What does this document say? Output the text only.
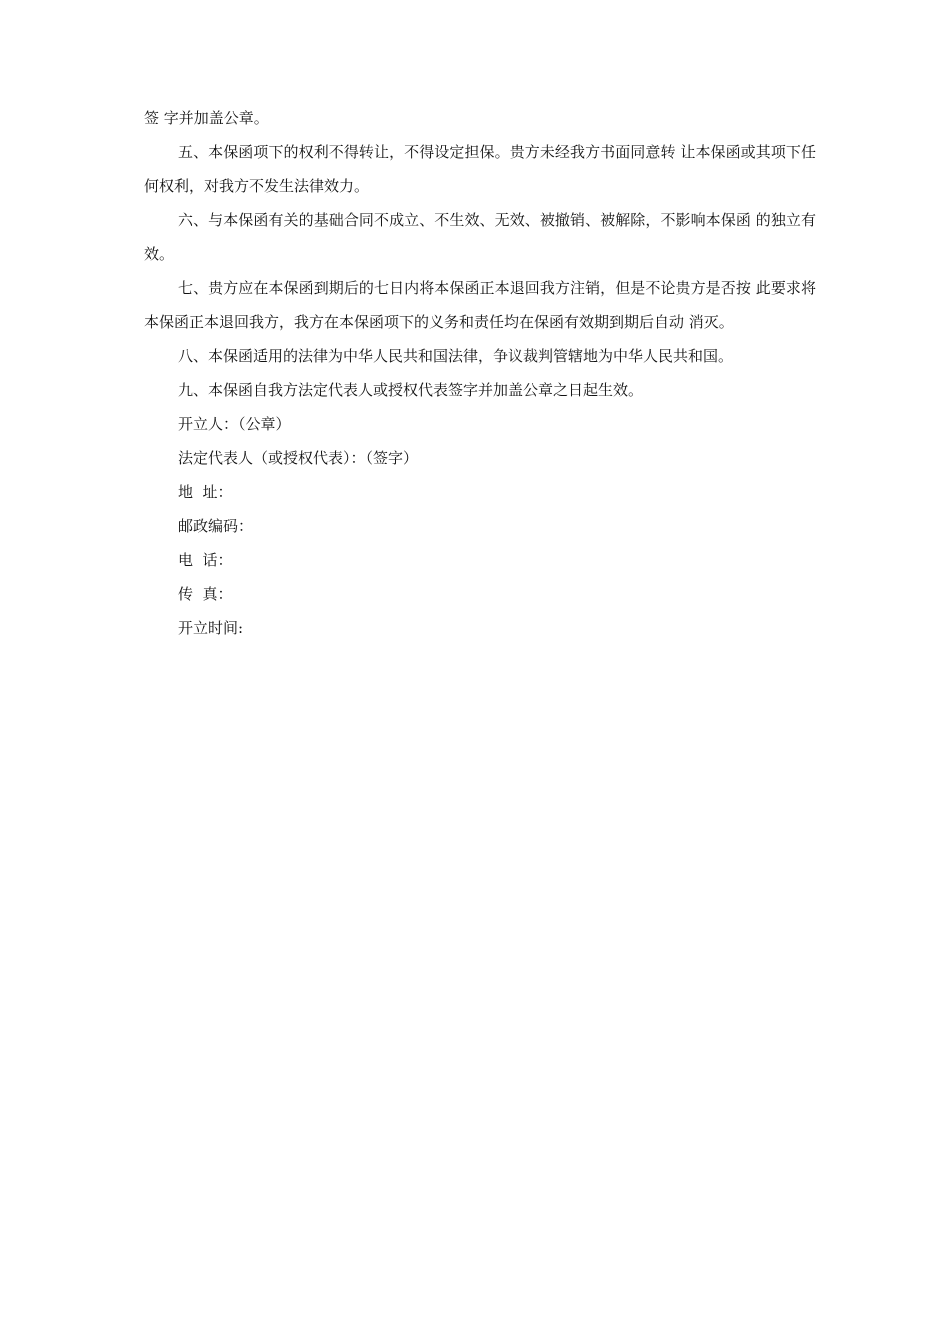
签 字并加盖公章。

五、本保函项下的权利不得转让，不得设定担保。贵方未经我方书面同意转 让本保函或其项下任何权利，对我方不发生法律效力。

六、与本保函有关的基础合同不成立、不生效、无效、被撤销、被解除，不影响本保函 的独立有效。

七、贵方应在本保函到期后的七日内将本保函正本退回我方注销，但是不论贵方是否按 此要求将本保函正本退回我方，我方在本保函项下的义务和责任均在保函有效期到期后自动 消灭。

八、本保函适用的法律为中华人民共和国法律，争议裁判管辖地为中华人民共和国。

九、本保函自我方法定代表人或授权代表签字并加盖公章之日起生效。

开立人：（公章）

法定代表人（或授权代表）：（签字）

地  址：

邮政编码：

电  话：

传  真：

开立时间:
